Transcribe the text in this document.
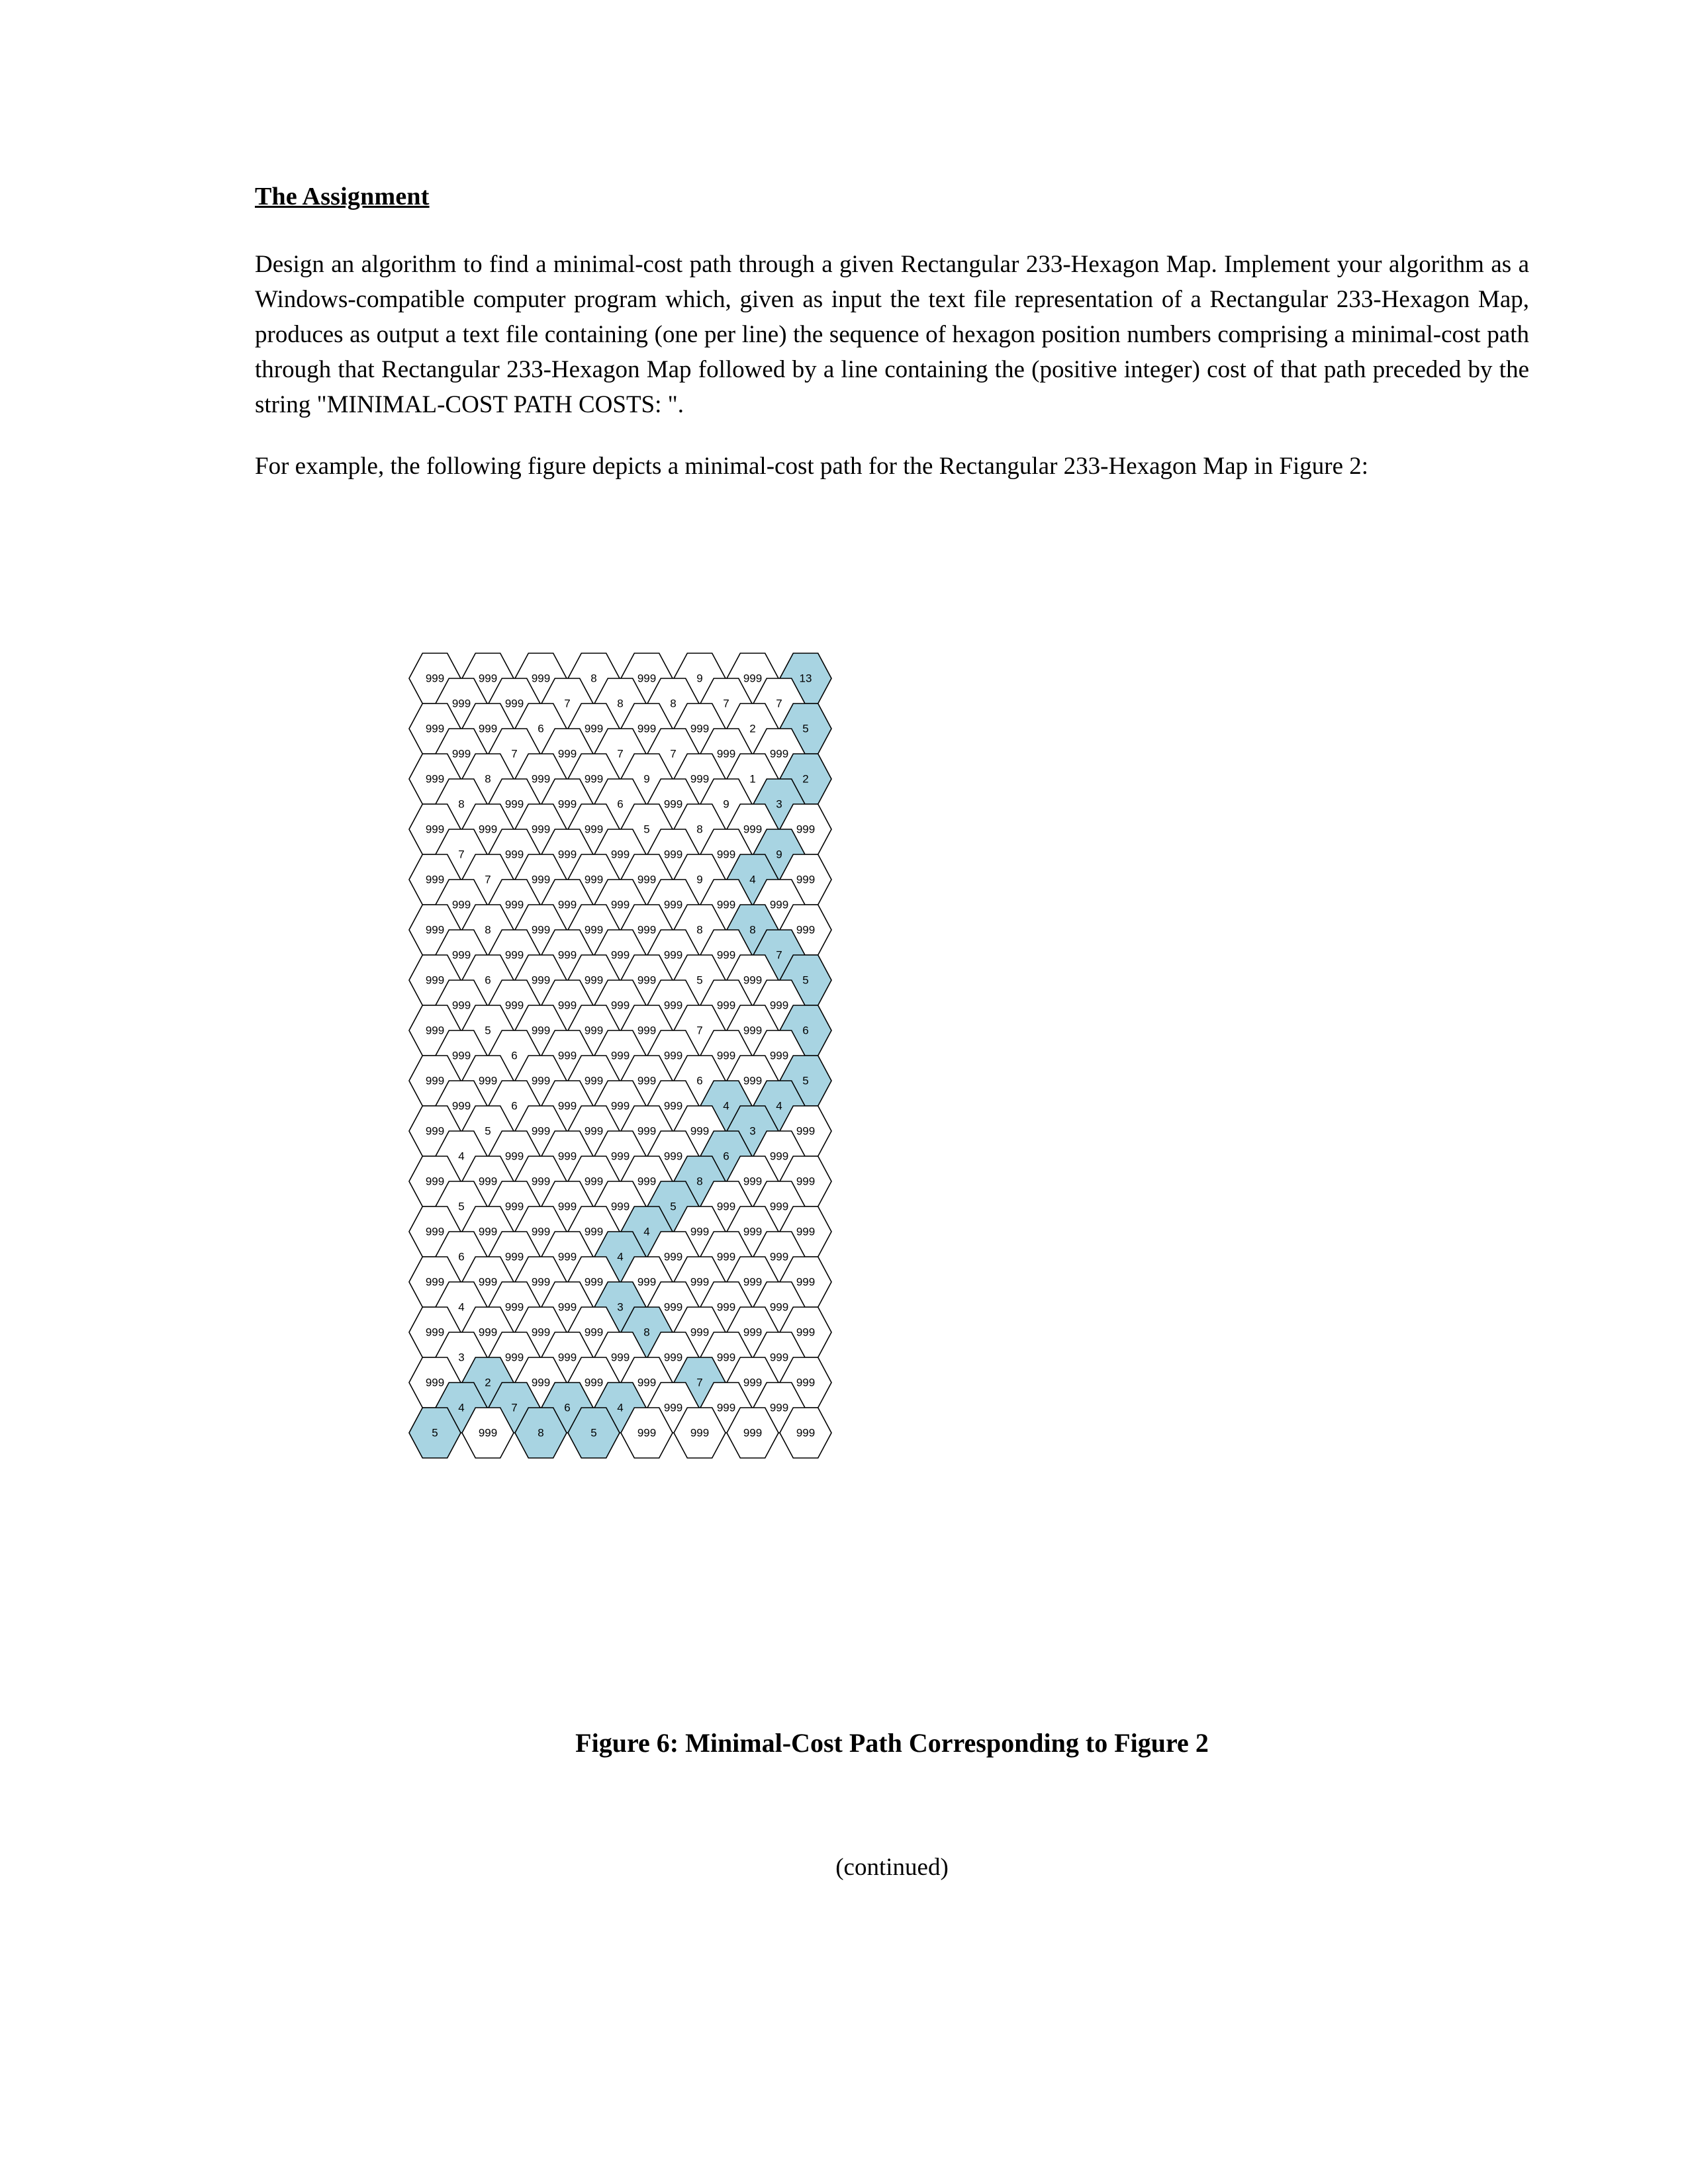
The Assignment

Design an algorithm to find a minimal-cost path through a given Rectangular 233-Hexagon Map. Implement your algorithm as a Windows-compatible computer program which, given as input the text file representation of a Rectangular 233-Hexagon Map, produces as output a text file containing (one per line) the sequence of hexagon position numbers comprising a minimal-cost path through that Rectangular 233-Hexagon Map followed by a line containing the (positive integer) cost of that path preceded by the string "MINIMAL-COST PATH COSTS: ".

For example, the following figure depicts a minimal-cost path for the Rectangular 233-Hexagon Map in Figure 2:

999	999	999	8	999	9	999	13
999	999	7	8	8	7	7
999	999	6	999	999	999	2	5
999	7	999	7	7	999	999
999	8	999	999	9	999	1	2
8	999	999	6	999	9	3
999	999	999	999	5	8	999	999
7	999	999	999	999	999	9
999	7	999	999	999	9	4	999
999	999	999	999	999	999	999
999	8	999	999	999	8	8	999
999	999	999	999	999	999	7
999	6	999	999	999	5	999	5
999	999	999	999	999	999	999
999	5	999	999	999	7	999	6
999	6	999	999	999	999	999
999	999	999	999	999	6	999	5
999	6	999	999	999	4	4
999	5	999	999	999	999	3	999
4	999	999	999	999	6	999
999	999	999	999	999	8	999	999
5	999	999	999	5	999	999
999	999	999	999	4	999	999	999
6	999	999	4	999	999	999
999	999	999	999	999	999	999	999
4	999	999	3	999	999	999
999	999	999	999	8	999	999	999
3	999	999	999	999	999	999
999	2	999	999	999	7	999	999
4	7	6	4	999	999	999
5	999	8	5	999	999	999	999
Figure 6: Minimal-Cost Path Corresponding to Figure 2
(continued)
